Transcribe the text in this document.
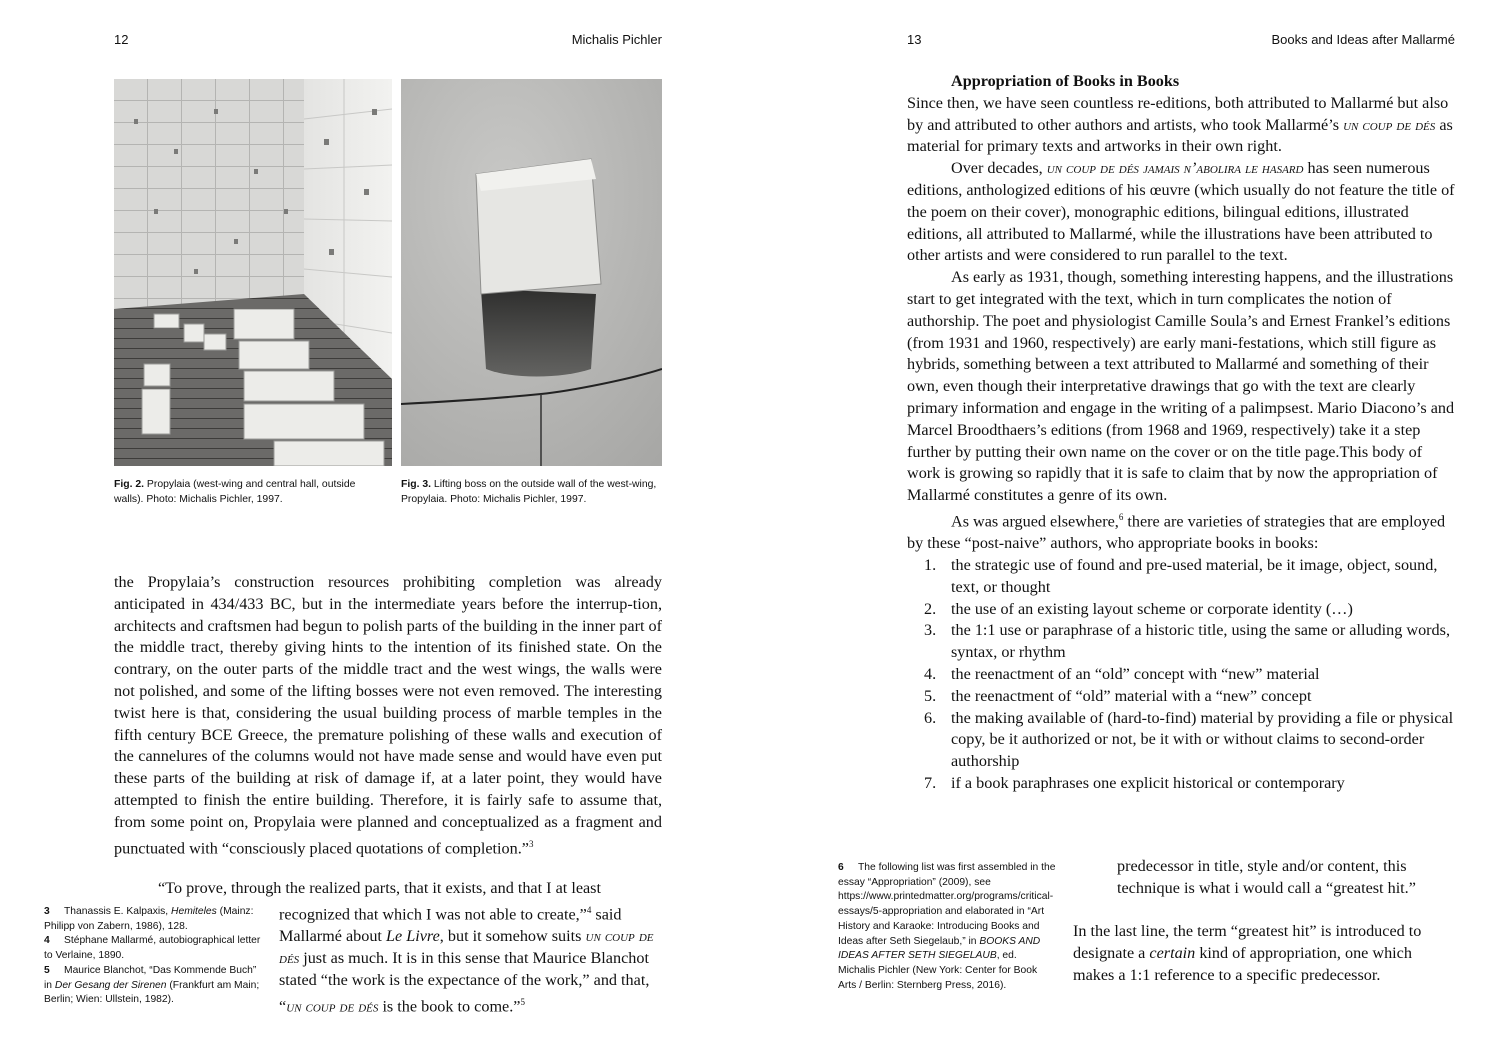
12	Michalis Pichler
Fig. 2. Propylaia (west-wing and central hall, outside walls). Photo: Michalis Pichler, 1997.
Fig. 3. Lifting boss on the outside wall of the west-wing, Propylaia. Photo: Michalis Pichler, 1997.
the Propylaia’s construction resources prohibiting completion was already anticipated in 434/433 BC, but in the intermediate years before the interrup-tion, architects and craftsmen had begun to polish parts of the building in the inner part of the middle tract, thereby giving hints to the intention of its finished state. On the contrary, on the outer parts of the middle tract and the west wings, the walls were not polished, and some of the lifting bosses were not even removed. The interesting twist here is that, considering the usual building process of marble temples in the fifth century BCE Greece, the premature polishing of these walls and execution of the cannelures of the columns would not have made sense and would have even put these parts of the building at risk of damage if, at a later point, they would have attempted to finish the entire building. Therefore, it is fairly safe to assume that, from some point on, Propylaia were planned and conceptualized as a fragment and punctuated with “consciously placed quotations of completion.”$^3$
“To prove, through the realized parts, that it exists, and that I at least
recognized that which I was not able to create,”$^4$ said Mallarmé about Le Livre, but it somehow suits un coup de dés just as much. It is in this sense that Maurice Blanchot stated “the work is the expectance of the work,” and that, “un coup de dés is the book to come.”$^5$
3 Thanassis E. Kalpaxis, Hemiteles (Mainz: Philipp von Zabern, 1986), 128.
4 Stéphane Mallarmé, autobiographical letter to Verlaine, 1890.
5 Maurice Blanchot, “Das Kommende Buch” in Der Gesang der Sirenen (Frankfurt am Main; Berlin; Wien: Ullstein, 1982).
13	Books and Ideas after Mallarmé
Appropriation of Books in Books

Since then, we have seen countless re-editions, both attributed to Mallarmé but also by and attributed to other authors and artists, who took Mallarmé’s un coup de dés as material for primary texts and artworks in their own right.

Over decades, un coup de dés jamais n’abolira le hasard has seen numerous editions, anthologized editions of his œuvre (which usually do not feature the title of the poem on their cover), monographic editions, bilingual editions, illustrated editions, all attributed to Mallarmé, while the illustrations have been attributed to other artists and were considered to run parallel to the text.

As early as 1931, though, something interesting happens, and the illustrations start to get integrated with the text, which in turn complicates the notion of authorship. The poet and physiologist Camille Soula’s and Ernest Frankel’s editions (from 1931 and 1960, respectively) are early mani-festations, which still figure as hybrids, something between a text attributed to Mallarmé and something of their own, even though their interpretative drawings that go with the text are clearly primary information and engage in the writing of a palimpsest. Mario Diacono’s and Marcel Broodthaers’s editions (from 1968 and 1969, respectively) take it a step further by putting their own name on the cover or on the title page.This body of work is growing so rapidly that it is safe to claim that by now the appropriation of Mallarmé constitutes a genre of its own.

As was argued elsewhere,$^6$ there are varieties of strategies that are employed by these “post-naive” authors, who appropriate books in books:

1. the strategic use of found and pre-used material, be it image, object, sound, text, or thought
2. the use of an existing layout scheme or corporate identity (…)
3. the 1:1 use or paraphrase of a historic title, using the same or alluding words, syntax, or rhythm
4. the reenactment of an “old” concept with “new” material
5. the reenactment of “old” material with a “new” concept
6. the making available of (hard-to-find) material by providing a file or physical copy, be it authorized or not, be it with or without claims to second-order authorship
7. if a book paraphrases one explicit historical or contemporary
predecessor in title, style and/or content, this technique is what i would call a “greatest hit.”
In the last line, the term “greatest hit” is introduced to designate a certain kind of appropriation, one which makes a 1:1 reference to a specific predecessor.
6 The following list was first assembled in the essay “Appropriation” (2009), see https://www.printedmatter.org/programs/critical-essays/5-appropriation and elaborated in “Art History and Karaoke: Introducing Books and Ideas after Seth Siegelaub,” in BOOKS AND IDEAS AFTER SETH SIEGELAUB, ed. Michalis Pichler (New York: Center for Book Arts / Berlin: Sternberg Press, 2016).
